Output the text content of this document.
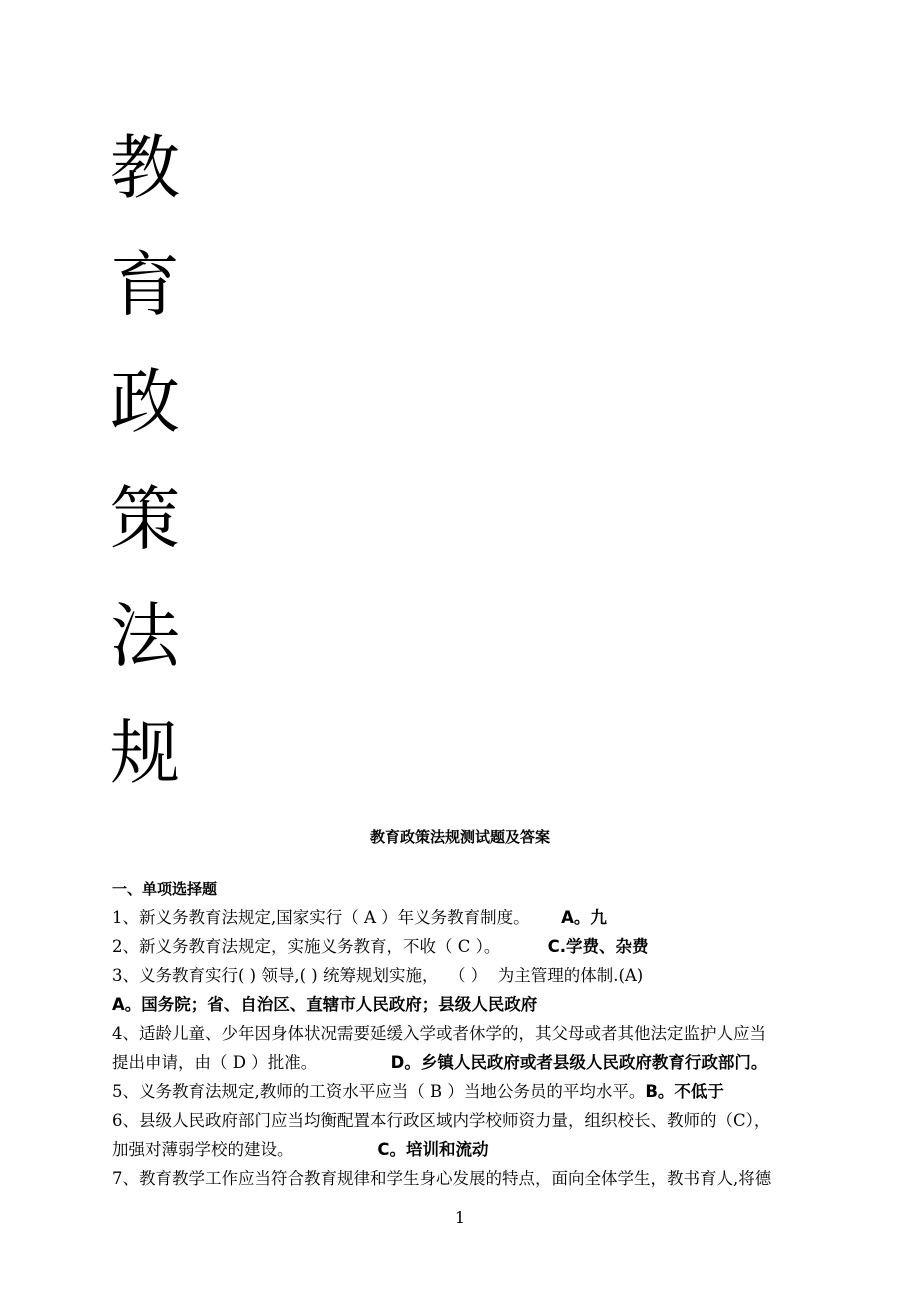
教
育
政
策
法
规
教育政策法规测试题及答案
一、单项选择题
1、新义务教育法规定,国家实行（ A ）年义务教育制度。 A。九
2、新义务教育法规定，实施义务教育，不收（ C ）。	C.学费、杂费
3、义务教育实行( ) 领导,( ) 统筹规划实施，  （ ）  为主管理的体制.(A)
A。国务院；省、自治区、直辖市人民政府；县级人民政府
4、适龄儿童、少年因身体状况需要延缓入学或者休学的，其父母或者其他法定监护人应当
提出申请，由（ D ）批准。	D。乡镇人民政府或者县级人民政府教育行政部门。
5、义务教育法规定,教师的工资水平应当（ B ）当地公务员的平均水平。B。不低于
6、县级人民政府部门应当均衡配置本行政区域内学校师资力量，组织校长、教师的（C），
加强对薄弱学校的建设。	C。培训和流动
7、教育教学工作应当符合教育规律和学生身心发展的特点，面向全体学生，教书育人,将德
1
